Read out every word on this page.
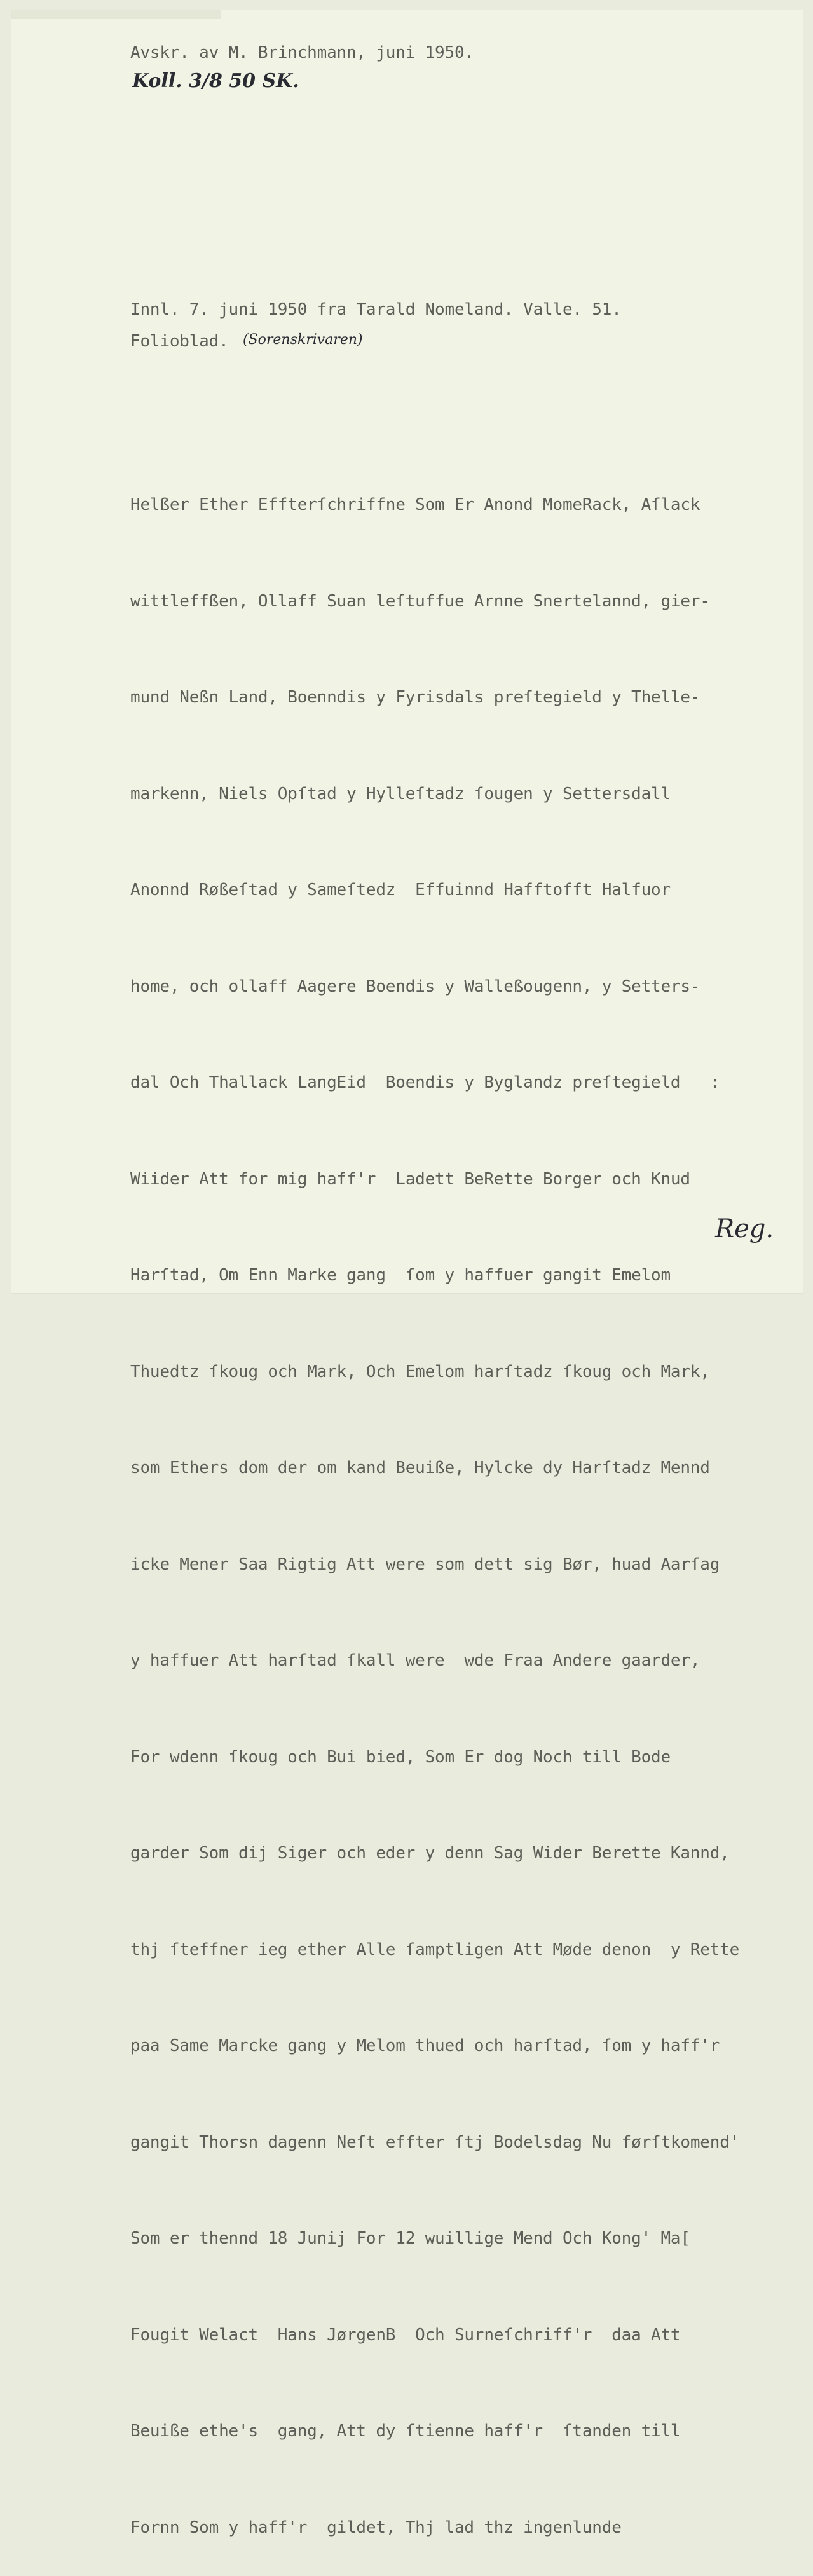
Avskr. av M. Brinchmann, juni 1950.
Koll. 3/8 50 SK.
Innl. 7. juni 1950 fra Tarald Nomeland. Valle. 51.
Folioblad. (Sorenskrivaren)

Helßer Ether Effterſchriffne Som Er Anond MomeRack, Aſlack

wittleffßen, Ollaff Suan leſtuffue Arnne Snertelannd, gier-

mund Neßn Land, Boenndis y Fyrisdals preſtegield y Thelle-

markenn, Niels Opſtad y Hylleſtadz ſougen y Settersdall

Anonnd Røßeſtad y Sameſtedz  Effuinnd Hafftofft Halfuor

home, och ollaff Aagere Boendis y Walleßougenn, y Setters-

dal Och Thallack LangEid  Boendis y Byglandz preſtegield   :

Wiider Att for mig haff'r  Ladett BeRette Borger och Knud

Harſtad, Om Enn Marke gang  ſom y haffuer gangit Emelom

Thuedtz ſkoug och Mark, Och Emelom harſtadz ſkoug och Mark,

som Ethers dom der om kand Beuiße, Hylcke dy Harſtadz Mennd

icke Mener Saa Rigtig Att were som dett sig Bør, huad Aarſag

y haffuer Att harſtad ſkall were  wde Fraa Andere gaarder,

For wdenn ſkoug och Bui bied, Som Er dog Noch till Bode

garder Som dij Siger och eder y denn Sag Wider Berette Kannd,

thj ſteffner ieg ether Alle ſamptligen Att Møde denon  y Rette

paa Same Marcke gang y Melom thued och harſtad, ſom y haff'r

gangit Thorsn dagenn Neſt effter ſtj Bodelsdag Nu førſtkomend'

Som er thennd 18 Junij For 12 wuillige Mend Och Kong' Ma[

Fougit Welact  Hans JørgenB  Och Surneſchriff'r  daa Att

Beuiße ethe's  gang, Att dy ſtienne haff'r  ſtanden till

Fornn Som y haff'r  gildet, Thj lad thz ingenlunde

Reg.
